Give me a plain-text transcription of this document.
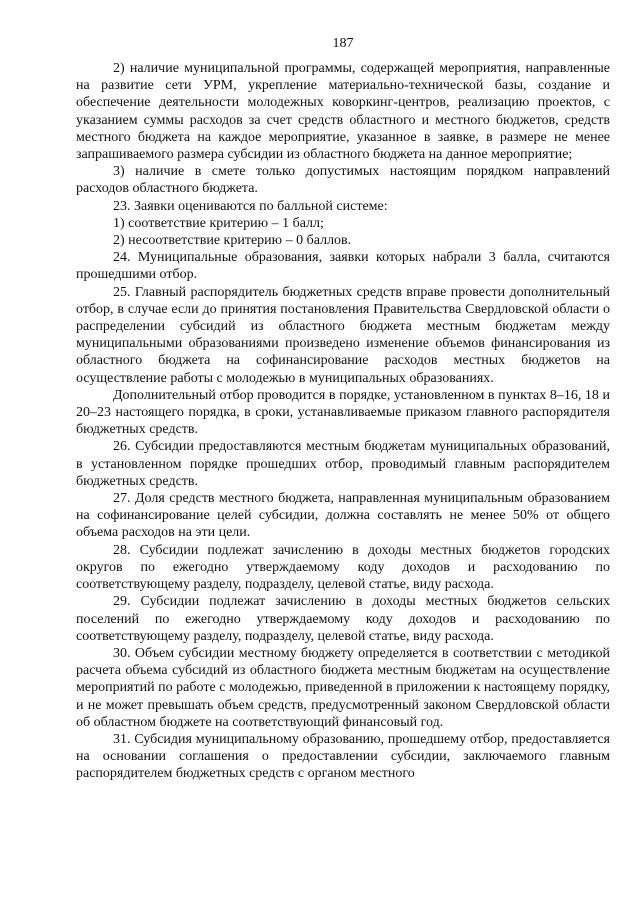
187

2) наличие муниципальной программы, содержащей мероприятия, направленные на развитие сети УРМ, укрепление материально-технической базы, создание и обеспечение деятельности молодежных коворкинг-центров, реализацию проектов, с указанием суммы расходов за счет средств областного и местного бюджетов, средств местного бюджета на каждое мероприятие, указанное в заявке, в размере не менее запрашиваемого размера субсидии из областного бюджета на данное мероприятие;

3) наличие в смете только допустимых настоящим порядком направлений расходов областного бюджета.

23. Заявки оцениваются по балльной системе:

1) соответствие критерию – 1 балл;

2) несоответствие критерию – 0 баллов.

24. Муниципальные образования, заявки которых набрали 3 балла, считаются прошедшими отбор.

25. Главный распорядитель бюджетных средств вправе провести дополнительный отбор, в случае если до принятия постановления Правительства Свердловской области о распределении субсидий из областного бюджета местным бюджетам между муниципальными образованиями произведено изменение объемов финансирования из областного бюджета на софинансирование расходов местных бюджетов на осуществление работы с молодежью в муниципальных образованиях.

Дополнительный отбор проводится в порядке, установленном в пунктах 8–16, 18 и 20–23 настоящего порядка, в сроки, устанавливаемые приказом главного распорядителя бюджетных средств.

26. Субсидии предоставляются местным бюджетам муниципальных образований, в установленном порядке прошедших отбор, проводимый главным распорядителем бюджетных средств.

27. Доля средств местного бюджета, направленная муниципальным образованием на софинансирование целей субсидии, должна составлять не менее 50% от общего объема расходов на эти цели.

28. Субсидии подлежат зачислению в доходы местных бюджетов городских округов по ежегодно утверждаемому коду доходов и расходованию по соответствующему разделу, подразделу, целевой статье, виду расхода.

29. Субсидии подлежат зачислению в доходы местных бюджетов сельских поселений по ежегодно утверждаемому коду доходов и расходованию по соответствующему разделу, подразделу, целевой статье, виду расхода.

30. Объем субсидии местному бюджету определяется в соответствии с методикой расчета объема субсидий из областного бюджета местным бюджетам на осуществление мероприятий по работе с молодежью, приведенной в приложении к настоящему порядку, и не может превышать объем средств, предусмотренный законом Свердловской области об областном бюджете на соответствующий финансовый год.

31. Субсидия муниципальному образованию, прошедшему отбор, предоставляется на основании соглашения о предоставлении субсидии, заключаемого главным распорядителем бюджетных средств с органом местного
